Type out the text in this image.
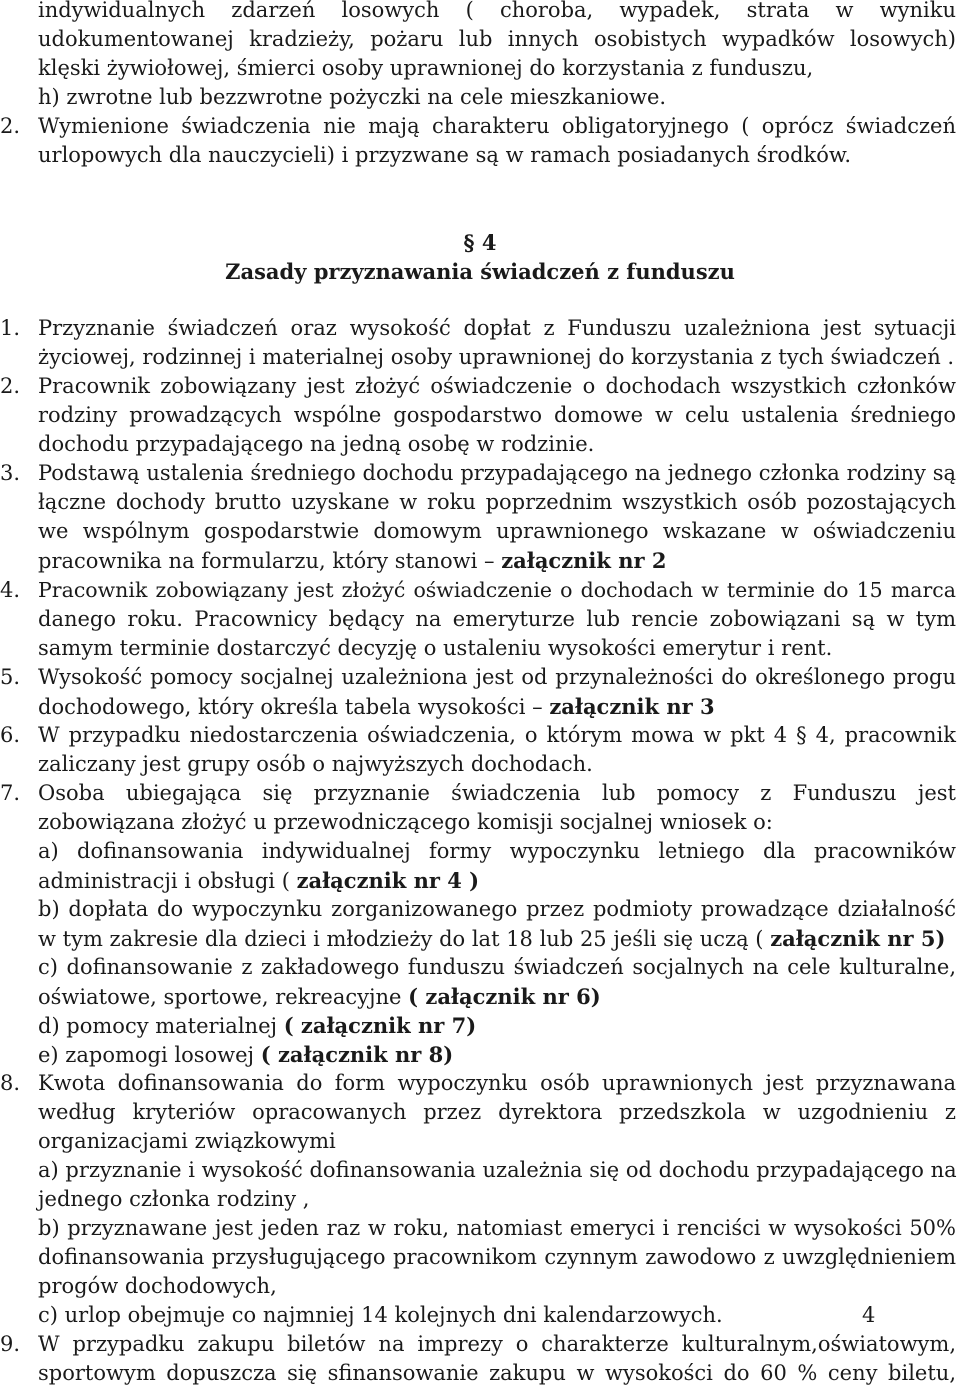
indywidualnych zdarzeń losowych ( choroba, wypadek, strata w wyniku
udokumentowanej kradzieży, pożaru lub innych osobistych wypadków losowych)
klęski żywiołowej, śmierci osoby uprawnionej do korzystania z funduszu,
h) zwrotne lub bezzwrotne pożyczki na cele mieszkaniowe.
2. Wymienione świadczenia nie mają charakteru obligatoryjnego ( oprócz świadczeń
urlopowych dla nauczycieli) i przyzwane są w ramach posiadanych środków.
§ 4
Zasady przyznawania świadczeń z funduszu
1. Przyznanie świadczeń oraz wysokość dopłat z Funduszu uzależniona jest sytuacji
życiowej, rodzinnej i materialnej osoby uprawnionej do korzystania z tych świadczeń .
2. Pracownik zobowiązany jest złożyć oświadczenie o dochodach wszystkich członków
rodziny prowadzących wspólne gospodarstwo domowe w celu ustalenia średniego
dochodu przypadającego na jedną osobę w rodzinie.
3. Podstawą ustalenia średniego dochodu przypadającego na jednego członka rodziny są
łączne dochody brutto uzyskane w roku poprzednim wszystkich osób pozostających
we wspólnym gospodarstwie domowym uprawnionego wskazane w oświadczeniu
pracownika na formularzu, który stanowi – załącznik nr 2
4. Pracownik zobowiązany jest złożyć oświadczenie o dochodach w terminie do 15 marca
danego roku. Pracownicy będący na emeryturze lub rencie zobowiązani są w tym
samym terminie dostarczyć decyzję o ustaleniu wysokości emerytur i rent.
5. Wysokość pomocy socjalnej uzależniona jest od przynależności do określonego progu
dochodowego, który określa tabela wysokości – załącznik nr 3
6. W przypadku niedostarczenia oświadczenia, o którym mowa w pkt 4 § 4, pracownik
zaliczany jest grupy osób o najwyższych dochodach.
7. Osoba ubiegająca się przyznanie świadczenia lub pomocy z Funduszu jest
zobowiązana złożyć u przewodniczącego komisji socjalnej wniosek o:
a) dofinansowania indywidualnej formy wypoczynku letniego dla pracowników
administracji i obsługi ( załącznik nr 4 )
b) dopłata do wypoczynku zorganizowanego przez podmioty prowadzące działalność
w tym zakresie dla dzieci i młodzieży do lat 18 lub 25 jeśli się uczą ( załącznik nr 5)
c) dofinansowanie z zakładowego funduszu świadczeń socjalnych na cele kulturalne,
oświatowe, sportowe, rekreacyjne ( załącznik nr 6)
d) pomocy materialnej ( załącznik nr 7)
e) zapomogi losowej ( załącznik nr 8)
8. Kwota dofinansowania do form wypoczynku osób uprawnionych jest przyznawana
według kryteriów opracowanych przez dyrektora przedszkola w uzgodnieniu z
organizacjami związkowymi
a) przyznanie i wysokość dofinansowania uzależnia się od dochodu przypadającego na
jednego członka rodziny ,
b) przyznawane jest jeden raz w roku, natomiast emeryci i renciści w wysokości 50%
dofinansowania przysługującego pracownikom czynnym zawodowo z uwzględnieniem
progów dochodowych,
c) urlop obejmuje co najmniej 14 kolejnych dni kalendarzowych.	4
9. W przypadku zakupu biletów na imprezy o charakterze kulturalnym,oświatowym,
sportowym dopuszcza się sfinansowanie zakupu w wysokości do 60 % ceny biletu,
